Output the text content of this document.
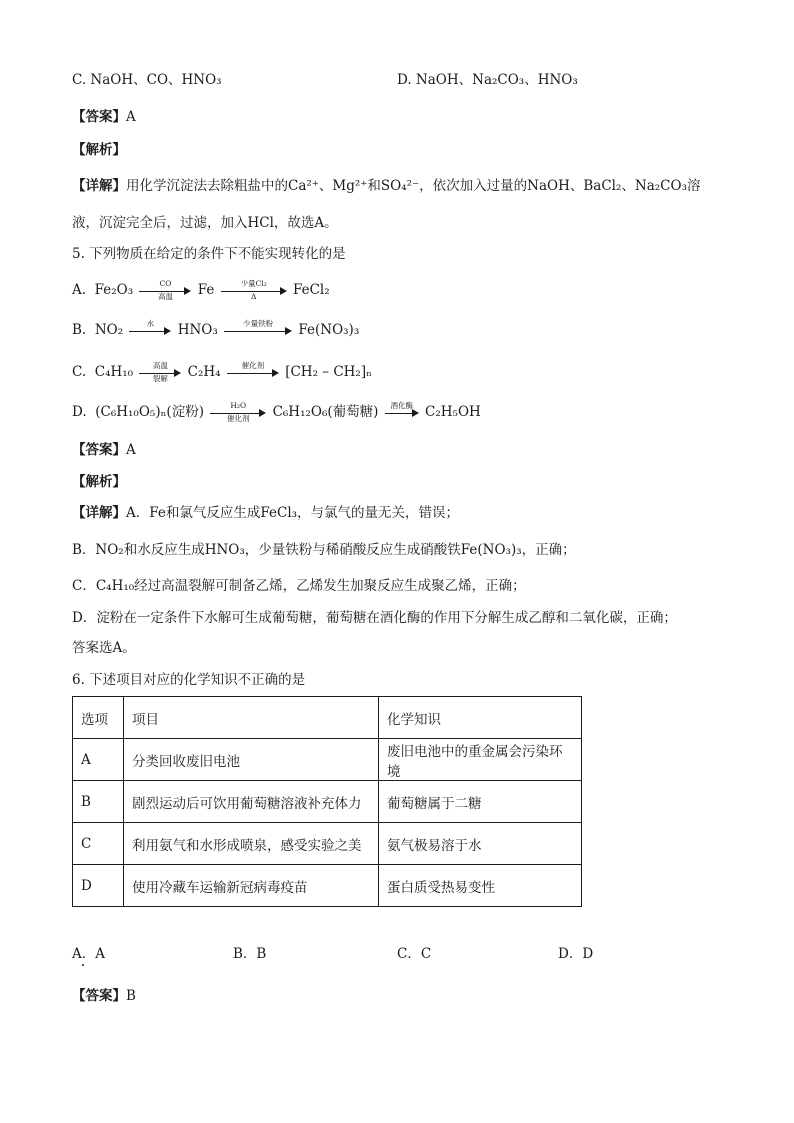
C. NaOH、CO、HNO₃	D. NaOH、Na₂CO₃、HNO₃
【答案】A
【解析】
【详解】用化学沉淀法去除粗盐中的Ca²⁺、Mg²⁺和SO₄²⁻，依次加入过量的NaOH、BaCl₂、Na₂CO₃溶
液，沉淀完全后，过滤，加入HCl，故选A。
5. 下列物质在给定的条件下不能实现转化的是
A. Fe₂O₃	CO
高温	Fe	少量Cl₂
Δ	FeCl₂
B. NO₂	水	HNO₃	少量铁粉	Fe(NO₃)₃
C. C₄H₁₀	高温
裂解	C₂H₄	催化剂	[CH₂ – CH₂]ₙ
D. (C₆H₁₀O₅)ₙ(淀粉)	H₂O
催化剂	C₆H₁₂O₆(葡萄糖)	酒化酶 C₂H₅OH
【答案】A
【解析】
【详解】A．Fe和氯气反应生成FeCl₃，与氯气的量无关，错误；
B．NO₂和水反应生成HNO₃，少量铁粉与稀硝酸反应生成硝酸铁Fe(NO₃)₃，正确；
C．C₄H₁₀经过高温裂解可制备乙烯，乙烯发生加聚反应生成聚乙烯，正确；
D．淀粉在一定条件下水解可生成葡萄糖，葡萄糖在酒化酶的作用下分解生成乙醇和二氧化碳，正确；
答案选A。
6. 下述项目对应的化学知识不正确的是
选项	项目	化学知识
A	分类回收废旧电池	废旧电池中的重金属会污染环境
B	剧烈运动后可饮用葡萄糖溶液补充体力	葡萄糖属于二糖
C	利用氨气和水形成喷泉，感受实验之美	氨气极易溶于水
D	使用冷藏车运输新冠病毒疫苗	蛋白质受热易变性
A．A	B．B	C．C	D．D
【答案】B
